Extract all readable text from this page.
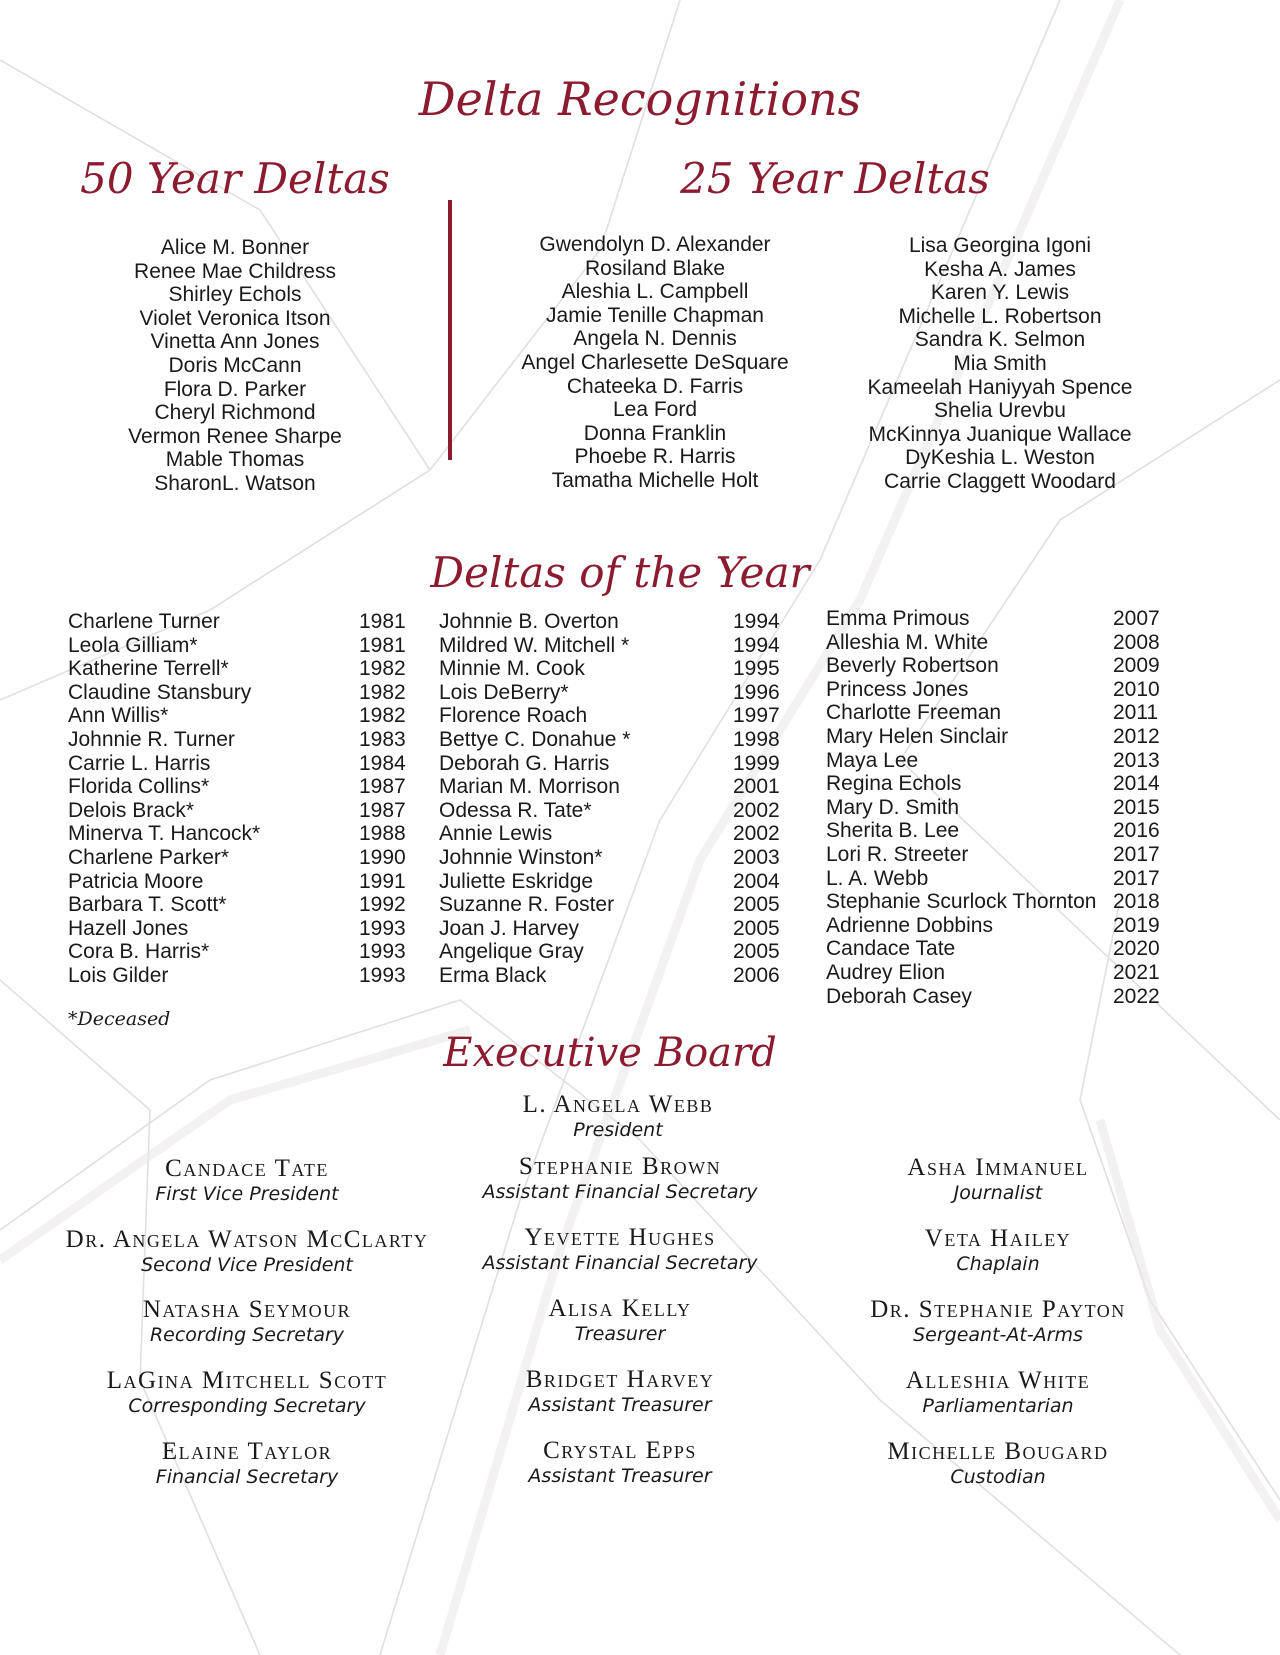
Delta Recognitions
50 Year Deltas	25 Year Deltas
Alice M. Bonner
Renee Mae Childress
Shirley Echols
Violet Veronica Itson
Vinetta Ann Jones
Doris McCann
Flora D. Parker
Cheryl Richmond
Vermon Renee Sharpe
Mable Thomas
SharonL. Watson
Gwendolyn D. Alexander
Rosiland Blake
Aleshia L. Campbell
Jamie Tenille Chapman
Angela N. Dennis
Angel Charlesette DeSquare
Chateeka D. Farris
Lea Ford
Donna Franklin
Phoebe R. Harris
Tamatha Michelle Holt
Lisa Georgina Igoni
Kesha A. James
Karen Y. Lewis
Michelle L. Robertson
Sandra K. Selmon
Mia Smith
Kameelah Haniyyah Spence
Shelia Urevbu
McKinnya Juanique Wallace
DyKeshia L. Weston
Carrie Claggett Woodard
Deltas of the Year
Charlene Turner	1981
Leola Gilliam*	1981
Katherine Terrell*	1982
Claudine Stansbury	1982
Ann Willis*	1982
Johnnie R. Turner	1983
Carrie L. Harris	1984
Florida Collins*	1987
Delois Brack*	1987
Minerva T. Hancock*	1988
Charlene Parker*	1990
Patricia Moore	1991
Barbara T. Scott*	1992
Hazell Jones	1993
Cora B. Harris*	1993
Lois Gilder	1993
Johnnie B. Overton	1994
Mildred W. Mitchell *	1994
Minnie M. Cook	1995
Lois DeBerry*	1996
Florence Roach	1997
Bettye C. Donahue *	1998
Deborah G. Harris	1999
Marian M. Morrison	2001
Odessa R. Tate*	2002
Annie Lewis	2002
Johnnie Winston*	2003
Juliette Eskridge	2004
Suzanne R. Foster	2005
Joan J. Harvey	2005
Angelique Gray	2005
Erma Black	2006
Emma Primous	2007
Alleshia M. White	2008
Beverly Robertson	2009
Princess Jones	2010
Charlotte Freeman	2011
Mary Helen Sinclair	2012
Maya Lee	2013
Regina Echols	2014
Mary D. Smith	2015
Sherita B. Lee	2016
Lori R. Streeter	2017
L. A. Webb	2017
Stephanie Scurlock Thornton 2018
Adrienne Dobbins	2019
Candace Tate	2020
Audrey Elion	2021
Deborah Casey	2022
*Deceased
Executive Board
L. Angela Webb
President
Candace Tate
First Vice President
Dr. Angela Watson McClarty
Second Vice President
Natasha Seymour
Recording Secretary
LaGina Mitchell Scott
Corresponding Secretary
Elaine Taylor
Financial Secretary
Stephanie Brown
Assistant Financial Secretary
Yevette Hughes
Assistant Financial Secretary
Alisa Kelly
Treasurer
Bridget Harvey
Assistant Treasurer
Crystal Epps
Assistant Treasurer
Asha Immanuel
Journalist
Veta Hailey
Chaplain
Dr. Stephanie Payton
Sergeant-At-Arms
Alleshia White
Parliamentarian
Michelle Bougard
Custodian
